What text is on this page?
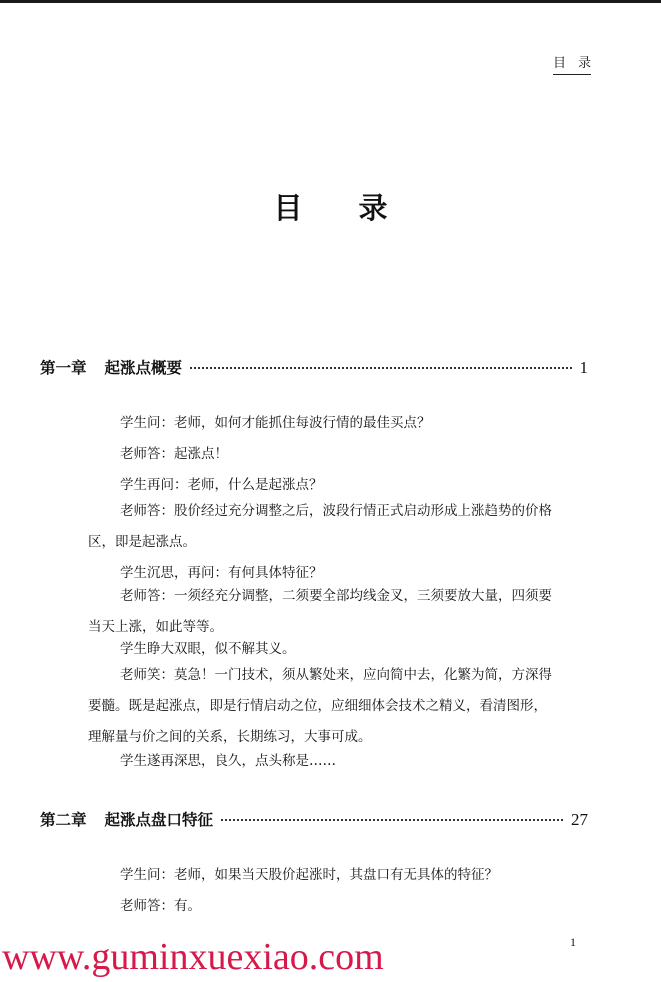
目录
目 录
第一章 起涨点概要	1

学生问：老师，如何才能抓住每波行情的最佳买点？

老师答：起涨点！

学生再问：老师，什么是起涨点？

老师答：股价经过充分调整之后，波段行情正式启动形成上涨趋势的价格区，即是起涨点。

学生沉思，再问：有何具体特征？

老师答：一须经充分调整，二须要全部均线金叉，三须要放大量，四须要当天上涨，如此等等。

学生睁大双眼，似不解其义。

老师笑：莫急！一门技术，须从繁处来，应向简中去，化繁为简，方深得要髓。既是起涨点，即是行情启动之位，应细细体会技术之精义，看清图形，理解量与价之间的关系，长期练习，大事可成。

学生遂再深思，良久，点头称是……

第二章 起涨点盘口特征	27

学生问：老师，如果当天股价起涨时，其盘口有无具体的特征？

老师答：有。

1
www.guminxuexiao.com
